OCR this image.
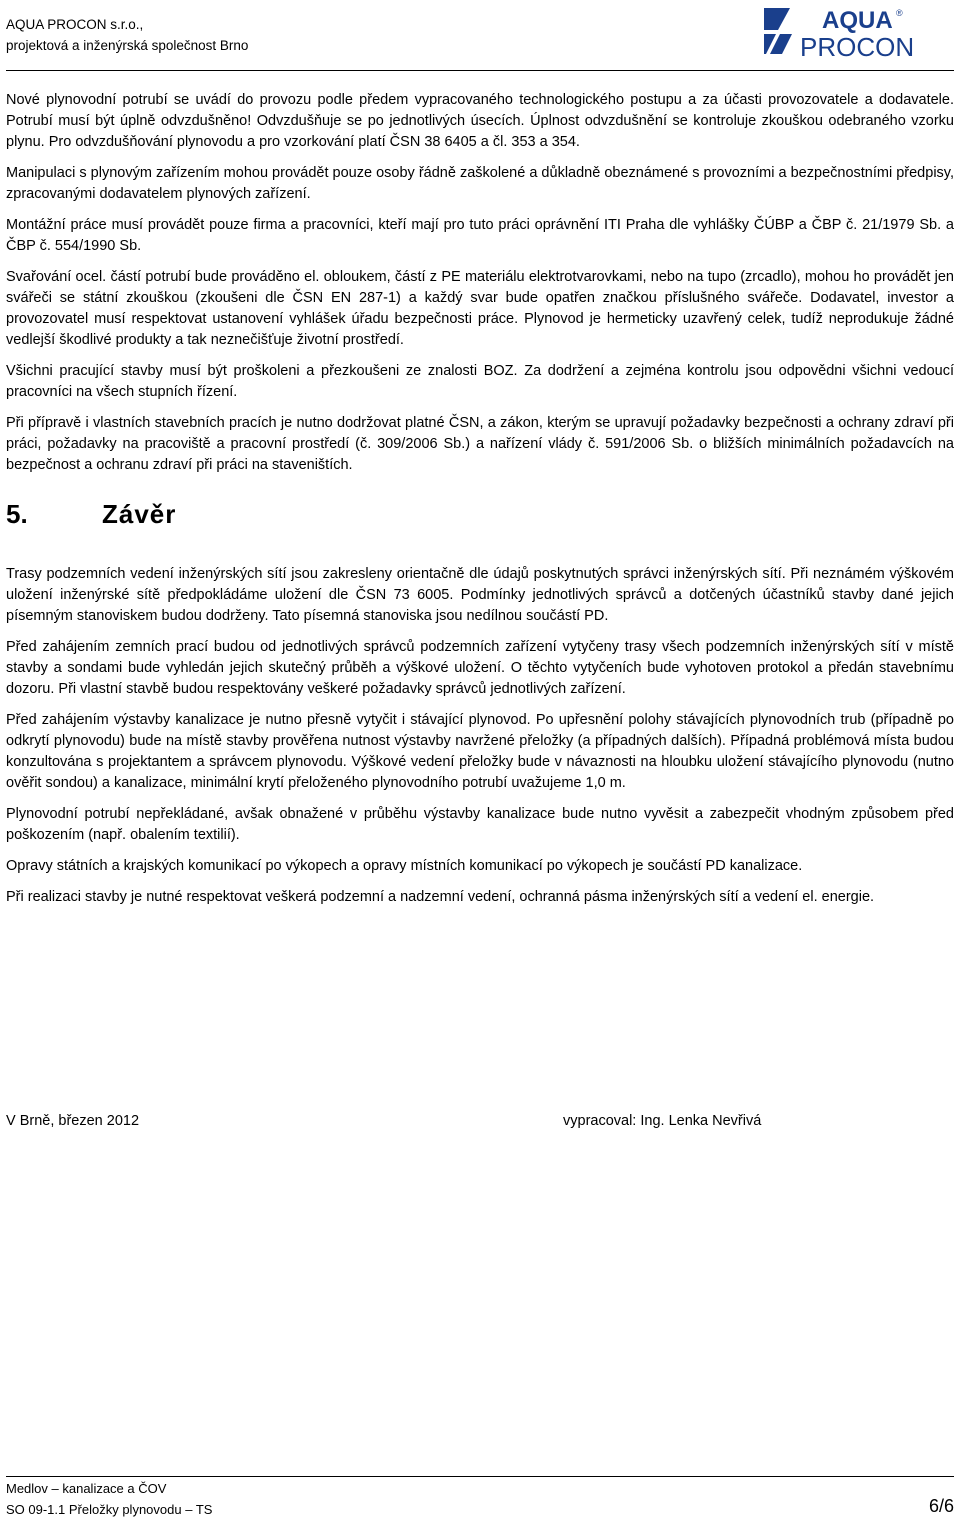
AQUA PROCON s.r.o.,
projektová a inženýrská společnost Brno
AQUA ®
PROCON

Nové plynovodní potrubí se uvádí do provozu podle předem vypracovaného technologického postupu a za účasti provozovatele a dodavatele. Potrubí musí být úplně odvzdušněno! Odvzdušňuje se po jednotlivých úsecích. Úplnost odvzdušnění se kontroluje zkouškou odebraného vzorku plynu. Pro odvzdušňování plynovodu a pro vzorkování platí ČSN 38 6405 a čl. 353 a 354.

Manipulaci s plynovým zařízením mohou provádět pouze osoby řádně zaškolené a důkladně obeznámené s provozními a bezpečnostními předpisy, zpracovanými dodavatelem plynových zařízení.

Montážní práce musí provádět pouze firma a pracovníci, kteří mají pro tuto práci oprávnění ITI Praha dle vyhlášky ČÚBP a ČBP č. 21/1979 Sb. a ČBP č. 554/1990 Sb.

Svařování ocel. částí potrubí bude prováděno el. obloukem, částí z PE materiálu elektrotvarovkami, nebo na tupo (zrcadlo), mohou ho provádět jen svářeči se státní zkouškou (zkoušeni dle ČSN EN 287-1) a každý svar bude opatřen značkou příslušného svářeče. Dodavatel, investor a provozovatel musí respektovat ustanovení vyhlášek úřadu bezpečnosti práce. Plynovod je hermeticky uzavřený celek, tudíž neprodukuje žádné vedlejší škodlivé produkty a tak neznečišťuje životní prostředí.

Všichni pracující stavby musí být proškoleni a přezkoušeni ze znalosti BOZ. Za dodržení a zejména kontrolu jsou odpovědni všichni vedoucí pracovníci na všech stupních řízení.

Při přípravě i vlastních stavebních pracích je nutno dodržovat platné ČSN, a zákon, kterým se upravují požadavky bezpečnosti a ochrany zdraví při práci, požadavky na pracoviště a pracovní prostředí (č. 309/2006 Sb.) a nařízení vlády č. 591/2006 Sb. o bližších minimálních požadavcích na bezpečnost a ochranu zdraví při práci na staveništích.

5.	Závěr

Trasy podzemních vedení inženýrských sítí jsou zakresleny orientačně dle údajů poskytnutých správci inženýrských sítí. Při neznámém výškovém uložení inženýrské sítě předpokládáme uložení dle ČSN 73 6005. Podmínky jednotlivých správců a dotčených účastníků stavby dané jejich písemným stanoviskem budou dodrženy. Tato písemná stanoviska jsou nedílnou součástí PD.

Před zahájením zemních prací budou od jednotlivých správců podzemních zařízení vytyčeny trasy všech podzemních inženýrských sítí v místě stavby a sondami bude vyhledán jejich skutečný průběh a výškové uložení. O těchto vytyčeních bude vyhotoven protokol a předán stavebnímu dozoru. Při vlastní stavbě budou respektovány veškeré požadavky správců jednotlivých zařízení.

Před zahájením výstavby kanalizace je nutno přesně vytyčit i stávající plynovod. Po upřesnění polohy stávajících plynovodních trub (případně po odkrytí plynovodu) bude na místě stavby prověřena nutnost výstavby navržené přeložky (a případných dalších). Případná problémová místa budou konzultována s projektantem a správcem plynovodu. Výškové vedení přeložky bude v návaznosti na hloubku uložení stávajícího plynovodu (nutno ověřit sondou) a kanalizace, minimální krytí přeloženého plynovodního potrubí uvažujeme 1,0 m.

Plynovodní potrubí nepřekládané, avšak obnažené v průběhu výstavby kanalizace bude nutno vyvěsit a zabezpečit vhodným způsobem před poškozením (např. obalením textilií).

Opravy státních a krajských komunikací po výkopech a opravy místních komunikací po výkopech je součástí PD kanalizace.

Při realizaci stavby je nutné respektovat veškerá podzemní a nadzemní vedení, ochranná pásma inženýrských sítí a vedení el. energie.

V Brně, březen 2012	vypracoval: Ing. Lenka Nevřivá
Medlov – kanalizace a ČOV
SO 09-1.1 Přeložky plynovodu – TS	6/6
